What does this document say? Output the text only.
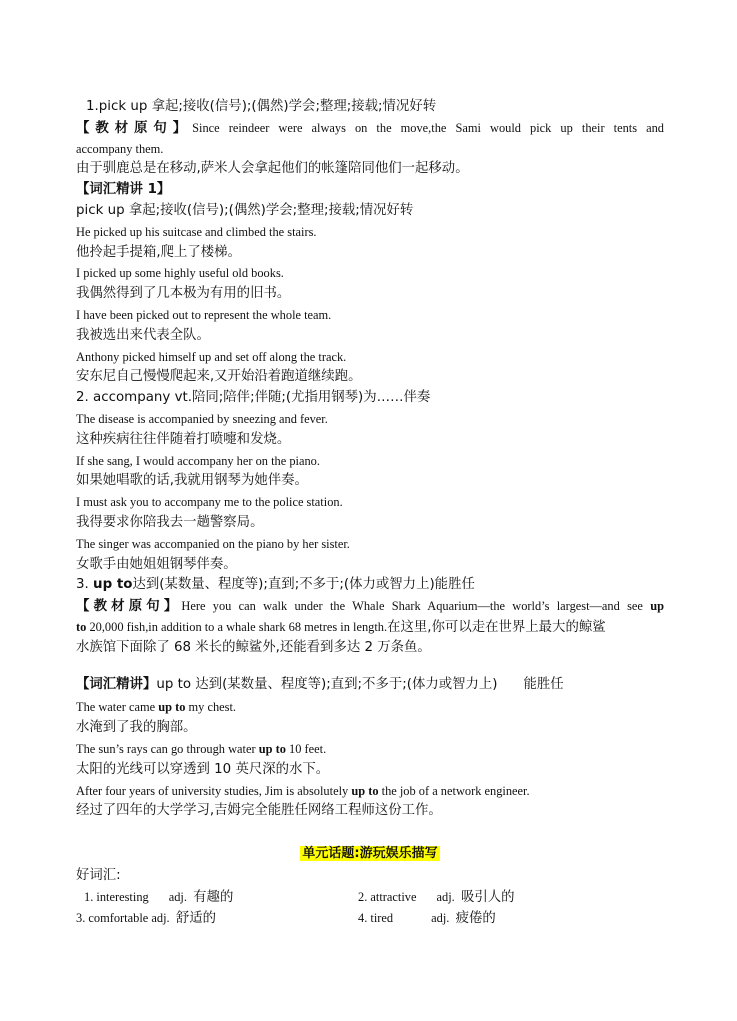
1.pick up 拿起;接收(信号);(偶然)学会;整理;接载;情况好转
【教材原句】Since reindeer were always on the move,the Sami would pick up their tents and
accompany them.
由于驯鹿总是在移动,萨米人会拿起他们的帐篷陪同他们一起移动。
【词汇精讲 1】
pick up 拿起;接收(信号);(偶然)学会;整理;接载;情况好转
He picked up his suitcase and climbed the stairs.
他拎起手提箱,爬上了楼梯。
I picked up some highly useful old books.
我偶然得到了几本极为有用的旧书。
I have been picked out to represent the whole team.
我被选出来代表全队。
Anthony picked himself up and set off along the track.
安东尼自己慢慢爬起来,又开始沿着跑道继续跑。
2. accompany vt.陪同;陪伴;伴随;(尤指用钢琴)为……伴奏
The disease is accompanied by sneezing and fever.
这种疾病往往伴随着打喷嚏和发烧。
If she sang, I would accompany her on the piano.
如果她唱歌的话,我就用钢琴为她伴奏。
I must ask you to accompany me to the police station.
我得要求你陪我去一趟警察局。
The singer was accompanied on the piano by her sister.
女歌手由她姐姐钢琴伴奏。
3. up to达到(某数量、程度等);直到;不多于;(体力或智力上)能胜任
【教材原句】Here you can walk under the Whale Shark Aquarium—the world’s largest—and see up
to 20,000 fish,in addition to a whale shark 68 metres in length.在这里,你可以走在世界上最大的鲸鲨
水族馆下面除了 68 米长的鲸鲨外,还能看到多达 2 万条鱼。
【词汇精讲】up to 达到(某数量、程度等);直到;不多于;(体力或智力上) 能胜任
The water came up to my chest.
水淹到了我的胸部。
The sun’s rays can go through water up to 10 feet.
太阳的光线可以穿透到 10 英尺深的水下。
After four years of university studies, Jim is absolutely up to the job of a network engineer.
经过了四年的大学学习,吉姆完全能胜任网络工程师这份工作。
单元话题:游玩娱乐描写
好词汇:
1. interesting adj. 有趣的	2. attractive adj. 吸引人的
3. comfortable adj. 舒适的	4. tired	adj. 疲倦的
